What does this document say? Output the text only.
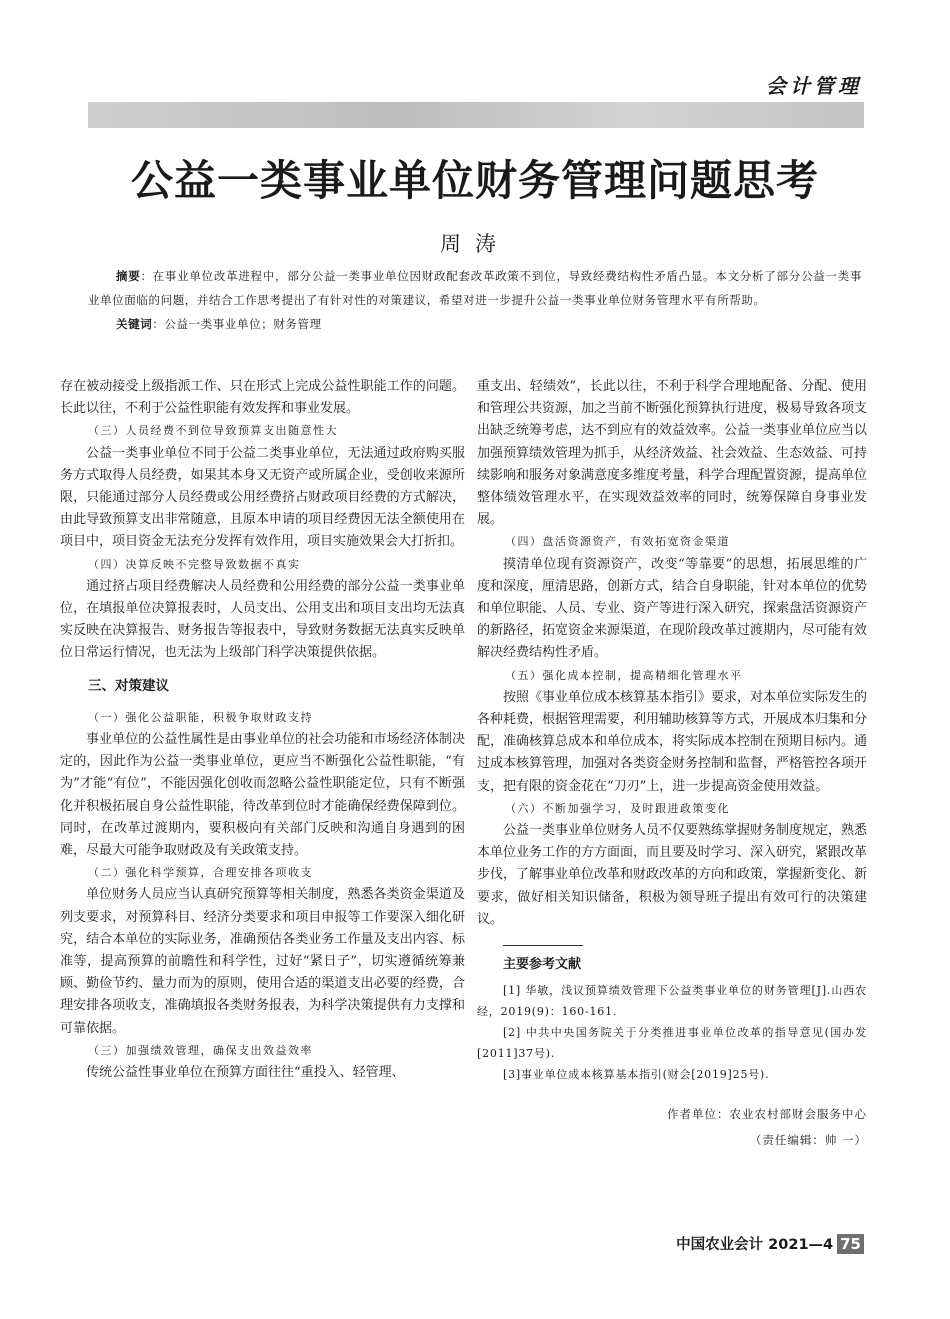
会计管理
公益一类事业单位财务管理问题思考
周涛

摘要：在事业单位改革进程中，部分公益一类事业单位因财政配套改革政策不到位，导致经费结构性矛盾凸显。本文分析了部分公益一类事业单位面临的问题，并结合工作思考提出了有针对性的对策建议，希望对进一步提升公益一类事业单位财务管理水平有所帮助。

关键词：公益一类事业单位；财务管理

存在被动接受上级指派工作、只在形式上完成公益性职能工作的问题。长此以往，不利于公益性职能有效发挥和事业发展。

（三）人员经费不到位导致预算支出随意性大

公益一类事业单位不同于公益二类事业单位，无法通过政府购买服务方式取得人员经费，如果其本身又无资产或所属企业，受创收来源所限，只能通过部分人员经费或公用经费挤占财政项目经费的方式解决，由此导致预算支出非常随意，且原本申请的项目经费因无法全额使用在项目中，项目资金无法充分发挥有效作用，项目实施效果会大打折扣。

（四）决算反映不完整导致数据不真实

通过挤占项目经费解决人员经费和公用经费的部分公益一类事业单位，在填报单位决算报表时，人员支出、公用支出和项目支出均无法真实反映在决算报告、财务报告等报表中，导致财务数据无法真实反映单位日常运行情况，也无法为上级部门科学决策提供依据。

三、对策建议
（一）强化公益职能，积极争取财政支持

事业单位的公益性属性是由事业单位的社会功能和市场经济体制决定的，因此作为公益一类事业单位，更应当不断强化公益性职能，“有为”才能“有位”，不能因强化创收而忽略公益性职能定位，只有不断强化并积极拓展自身公益性职能，待改革到位时才能确保经费保障到位。同时，在改革过渡期内，要积极向有关部门反映和沟通自身遇到的困难，尽最大可能争取财政及有关政策支持。

（二）强化科学预算，合理安排各项收支

单位财务人员应当认真研究预算等相关制度，熟悉各类资金渠道及列支要求，对预算科目、经济分类要求和项目申报等工作要深入细化研究，结合本单位的实际业务，准确预估各类业务工作量及支出内容、标准等，提高预算的前瞻性和科学性，过好“紧日子”，切实遵循统筹兼顾、勤俭节约、量力而为的原则，使用合适的渠道支出必要的经费，合理安排各项收支，准确填报各类财务报表，为科学决策提供有力支撑和可靠依据。

（三）加强绩效管理，确保支出效益效率

传统公益性事业单位在预算方面往往“重投入、轻管理、

重支出、轻绩效”，长此以往，不利于科学合理地配备、分配、使用和管理公共资源，加之当前不断强化预算执行进度，极易导致各项支出缺乏统筹考虑，达不到应有的效益效率。公益一类事业单位应当以加强预算绩效管理为抓手，从经济效益、社会效益、生态效益、可持续影响和服务对象满意度多维度考量，科学合理配置资源，提高单位整体绩效管理水平，在实现效益效率的同时，统筹保障自身事业发展。

（四）盘活资源资产，有效拓宽资金渠道

摸清单位现有资源资产，改变“等靠要”的思想，拓展思维的广度和深度，厘清思路，创新方式，结合自身职能，针对本单位的优势和单位职能、人员、专业、资产等进行深入研究，探索盘活资源资产的新路径，拓宽资金来源渠道，在现阶段改革过渡期内，尽可能有效解决经费结构性矛盾。

（五）强化成本控制，提高精细化管理水平

按照《事业单位成本核算基本指引》要求，对本单位实际发生的各种耗费，根据管理需要，利用辅助核算等方式，开展成本归集和分配，准确核算总成本和单位成本，将实际成本控制在预期目标内。通过成本核算管理，加强对各类资金财务控制和监督，严格管控各项开支，把有限的资金花在“刀刃”上，进一步提高资金使用效益。

（六）不断加强学习，及时跟进政策变化

公益一类事业单位财务人员不仅要熟练掌握财务制度规定，熟悉本单位业务工作的方方面面，而且要及时学习、深入研究，紧跟改革步伐，了解事业单位改革和财政改革的方向和政策，掌握新变化、新要求，做好相关知识储备，积极为领导班子提出有效可行的决策建议。

主要参考文献
[1] 华敏，浅议预算绩效管理下公益类事业单位的财务管理[J].山西农经，2019(9)：160-161.
[2] 中共中央国务院关于分类推进事业单位改革的指导意见(国办发[2011]37号).
[3]事业单位成本核算基本指引(财会[2019]25号).
作者单位：农业农村部财会服务中心
（责任编辑：帅 一）
中国农业会计 2021—4 75
